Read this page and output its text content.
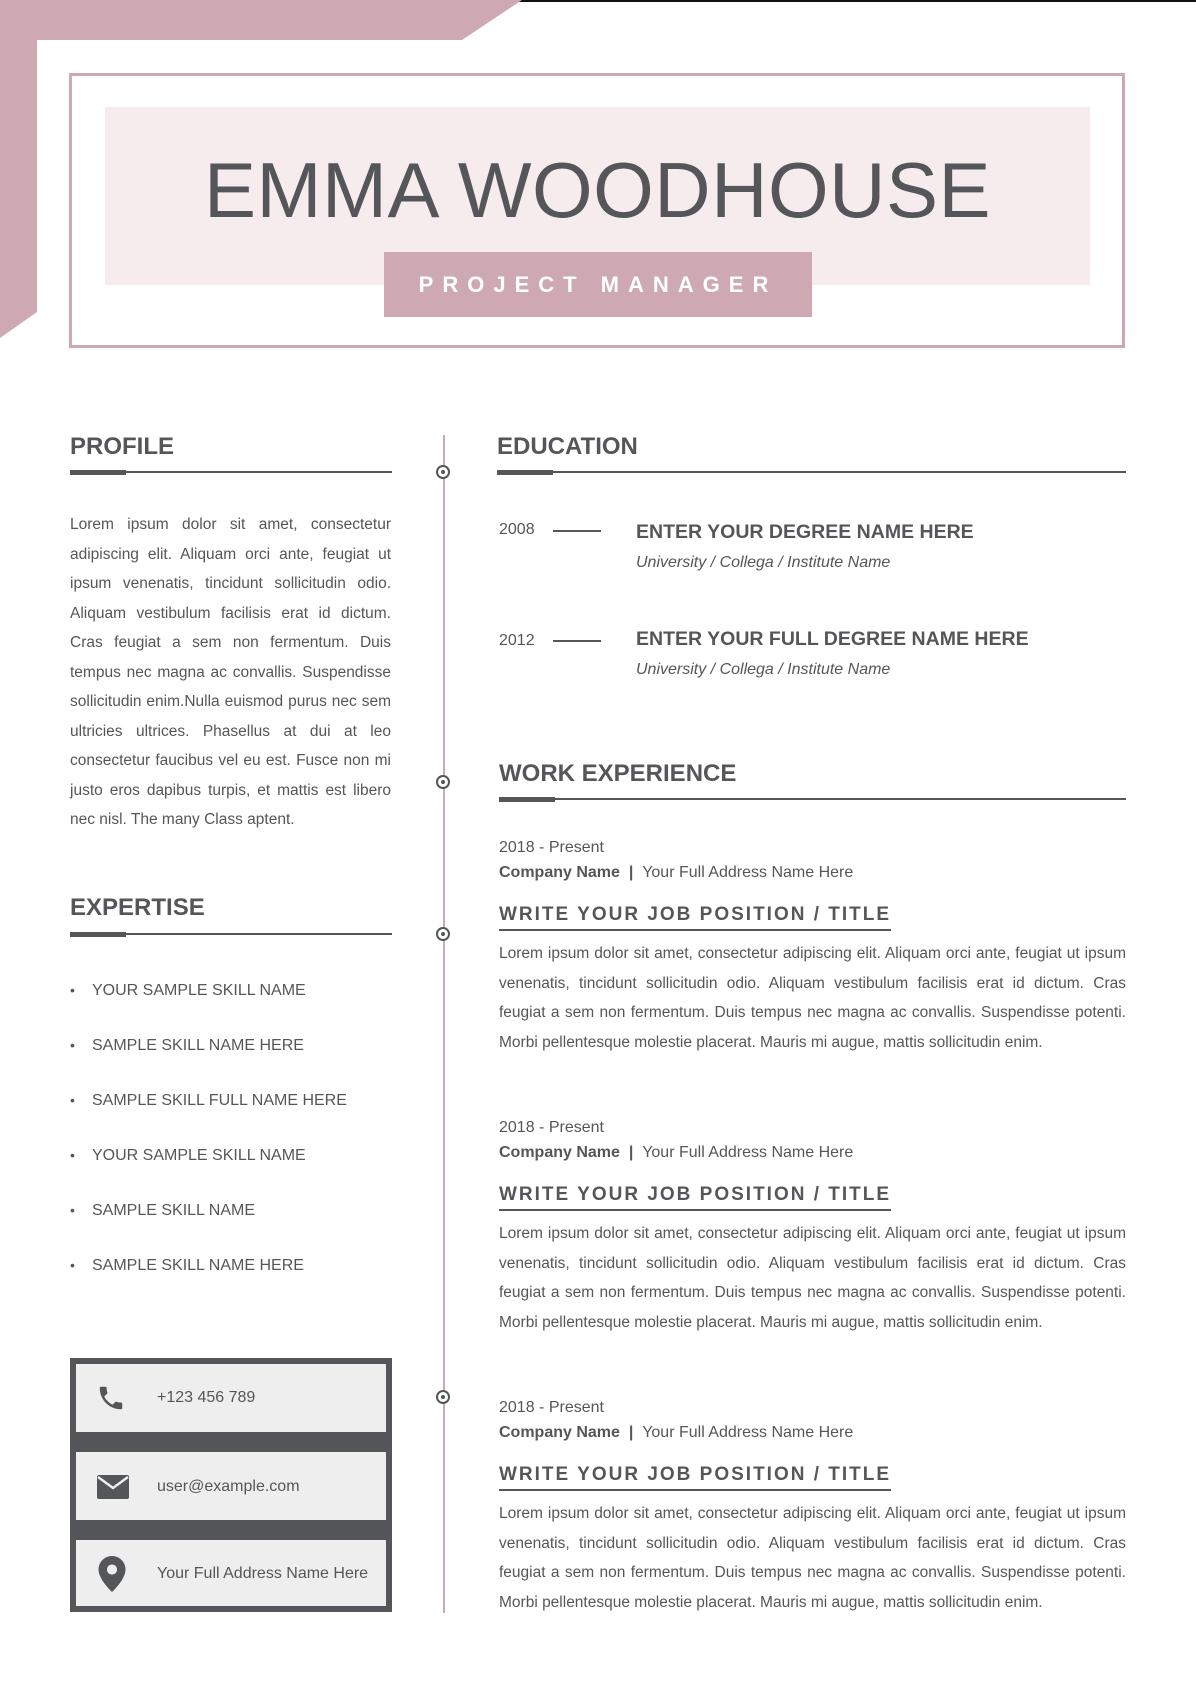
EMMA WOODHOUSE
PROJECT MANAGER
PROFILE
Lorem ipsum dolor sit amet, consectetur adipiscing elit. Aliquam orci ante, feugiat ut ipsum venenatis, tincidunt sollicitudin odio. Aliquam vestibulum facilisis erat id dictum. Cras feugiat a sem non fermentum. Duis tempus nec magna ac convallis. Suspendisse sollicitudin enim.Nulla euismod purus nec sem ultricies ultrices. Phasellus at dui at leo consectetur faucibus vel eu est. Fusce non mi justo eros dapibus turpis, et mattis est libero nec nisl. The many Class aptent.
EXPERTISE
• YOUR SAMPLE SKILL NAME
• SAMPLE SKILL NAME HERE
• SAMPLE SKILL FULL NAME HERE
• YOUR SAMPLE SKILL NAME
• SAMPLE SKILL NAME
• SAMPLE SKILL NAME HERE
+123 456 789
user@example.com
Your Full Address Name Here
EDUCATION
2008	ENTER YOUR DEGREE NAME HERE
University / Collega / Institute Name
2012	ENTER YOUR FULL DEGREE NAME HERE
University / Collega / Institute Name
WORK EXPERIENCE
2018 - Present
Company Name | Your Full Address Name Here
WRITE YOUR JOB POSITION / TITLE
Lorem ipsum dolor sit amet, consectetur adipiscing elit. Aliquam orci ante, feugiat ut ipsum venenatis, tincidunt sollicitudin odio. Aliquam vestibulum facilisis erat id dictum. Cras feugiat a sem non fermentum. Duis tempus nec magna ac convallis. Suspendisse potenti. Morbi pellentesque molestie placerat. Mauris mi augue, mattis sollicitudin enim.
2018 - Present
Company Name | Your Full Address Name Here
WRITE YOUR JOB POSITION / TITLE
Lorem ipsum dolor sit amet, consectetur adipiscing elit. Aliquam orci ante, feugiat ut ipsum venenatis, tincidunt sollicitudin odio. Aliquam vestibulum facilisis erat id dictum. Cras feugiat a sem non fermentum. Duis tempus nec magna ac convallis. Suspendisse potenti. Morbi pellentesque molestie placerat. Mauris mi augue, mattis sollicitudin enim.
2018 - Present
Company Name | Your Full Address Name Here
WRITE YOUR JOB POSITION / TITLE
Lorem ipsum dolor sit amet, consectetur adipiscing elit. Aliquam orci ante, feugiat ut ipsum venenatis, tincidunt sollicitudin odio. Aliquam vestibulum facilisis erat id dictum. Cras feugiat a sem non fermentum. Duis tempus nec magna ac convallis. Suspendisse potenti. Morbi pellentesque molestie placerat. Mauris mi augue, mattis sollicitudin enim.
